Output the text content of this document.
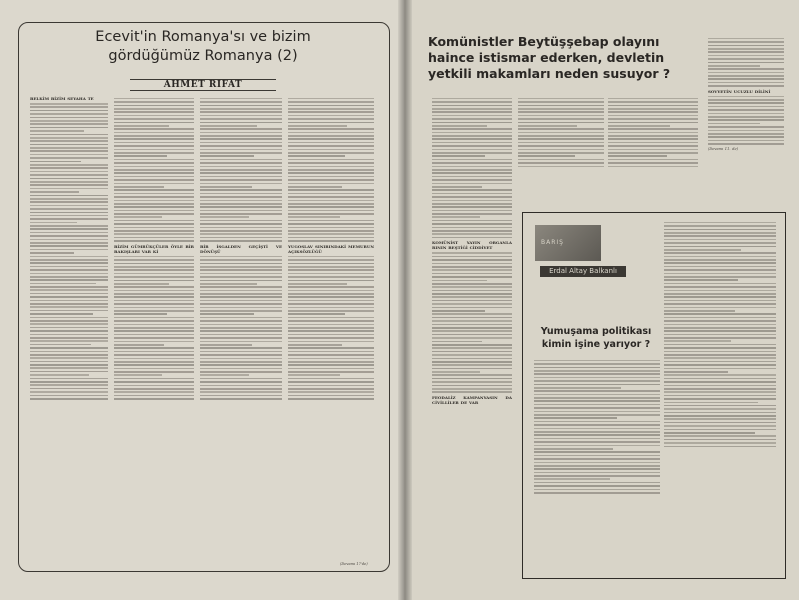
Ecevit'in Romanya'sı ve bizim
gördüğümüz Romanya (2)
AHMET RIFAT
BELKİM BİZİM SEYAHA TE
BİZİM GÜMRÜKÇÜLER ÖYLE BİR BAKIŞLARI VAR Kİ
BİR İSGALDEN GEÇİŞTİ VE DÖNÜŞÜ
YUGOSLAV SINIRINDAKİ MEMURUN AÇIKSÖZLÜĞÜ
(Devamı 17'de)
Komünistler Beytüşşebap olayını
haince istismar ederken, devletin
yetkili makamları neden susuyor ?
SOVYETİN UCUZLU DİLİNİ
(Devamı 11. de)
KOMÜNİST YAYIN ORGANLA RININ BEŞTİĞİ CİDDİYET
FEODALİZ KAMPANYASIN DA CİVİLLİLER DE VAR
BARIŞ
Erdal Altay Balkanlı
Yumuşama politikası
kimin işine yarıyor ?
